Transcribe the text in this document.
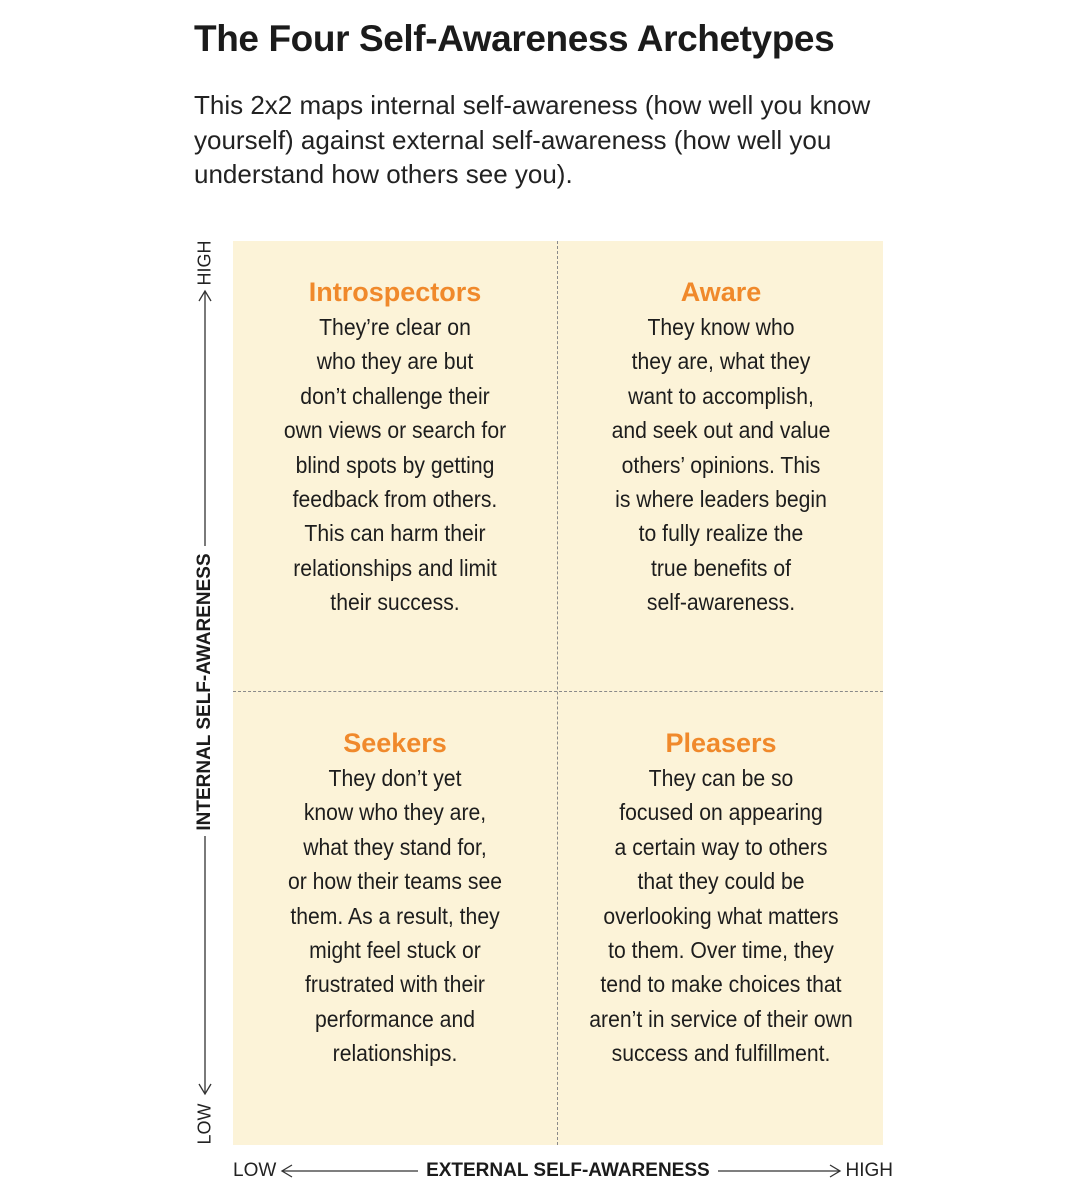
The Four Self-Awareness Archetypes

This 2x2 maps internal self-awareness (how well you know yourself) against external self-awareness (how well you understand how others see you).

HIGH
INTERNAL SELF-AWARENESS
LOW
Introspectors
They’re clear on
who they are but
don’t challenge their
own views or search for
blind spots by getting
feedback from others.
This can harm their
relationships and limit
their success.
Aware
They know who
they are, what they
want to accomplish,
and seek out and value
others’ opinions. This
is where leaders begin
to fully realize the
true benefits of
self-awareness.
Seekers
They don’t yet
know who they are,
what they stand for,
or how their teams see
them. As a result, they
might feel stuck or
frustrated with their
performance and
relationships.
Pleasers
They can be so
focused on appearing
a certain way to others
that they could be
overlooking what matters
to them. Over time, they
tend to make choices that
aren’t in service of their own
success and fulfillment.
LOW	EXTERNAL SELF-AWARENESS	HIGH
